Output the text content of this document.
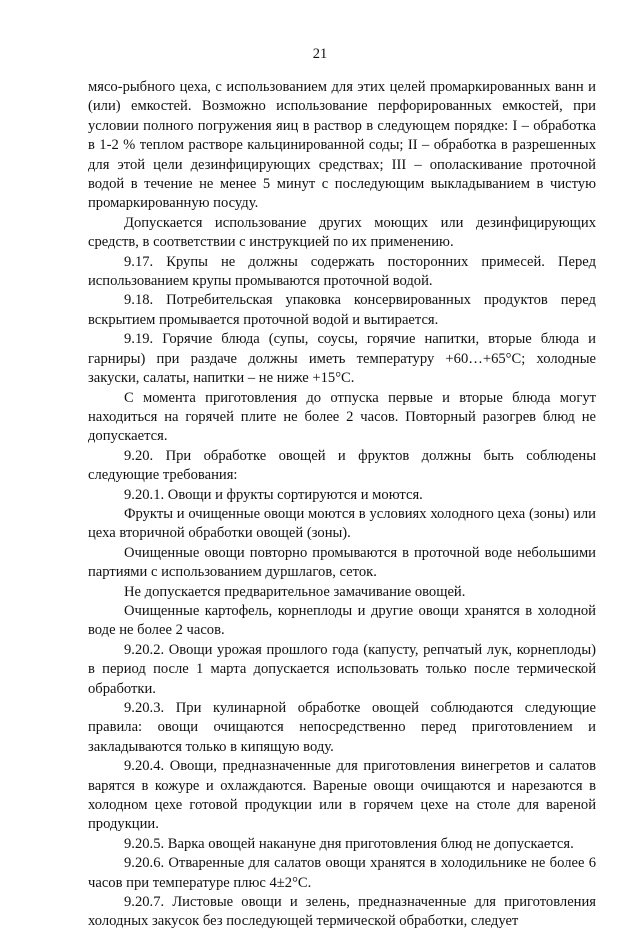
21

мясо-рыбного цеха, с использованием для этих целей промаркированных ванн и (или) емкостей. Возможно использование перфорированных емкостей, при условии полного погружения яиц в раствор в следующем порядке: I – обработка в 1-2 % теплом растворе кальцинированной соды; II – обработка в разрешенных для этой цели дезинфицирующих средствах; III – ополаскивание проточной водой в течение не менее 5 минут с последующим выкладыванием в чистую промаркированную посуду.

Допускается использование других моющих или дезинфицирующих средств, в соответствии с инструкцией по их применению.

9.17. Крупы не должны содержать посторонних примесей. Перед использованием крупы промываются проточной водой.

9.18. Потребительская упаковка консервированных продуктов перед вскрытием промывается проточной водой и вытирается.

9.19. Горячие блюда (супы, соусы, горячие напитки, вторые блюда и гарниры) при раздаче должны иметь температуру +60…+65°С; холодные закуски, салаты, напитки – не ниже +15°С.

С момента приготовления до отпуска первые и вторые блюда могут находиться на горячей плите не более 2 часов. Повторный разогрев блюд не допускается.

9.20. При обработке овощей и фруктов должны быть соблюдены следующие требования:

9.20.1. Овощи и фрукты сортируются и моются.

Фрукты и очищенные овощи моются в условиях холодного цеха (зоны) или цеха вторичной обработки овощей (зоны).

Очищенные овощи повторно промываются в проточной воде небольшими партиями с использованием дуршлагов, сеток.

Не допускается предварительное замачивание овощей.

Очищенные картофель, корнеплоды и другие овощи хранятся в холодной воде не более 2 часов.

9.20.2. Овощи урожая прошлого года (капусту, репчатый лук, корнеплоды) в период после 1 марта допускается использовать только после термической обработки.

9.20.3. При кулинарной обработке овощей соблюдаются следующие правила: овощи очищаются непосредственно перед приготовлением и закладываются только в кипящую воду.

9.20.4. Овощи, предназначенные для приготовления винегретов и салатов варятся в кожуре и охлаждаются. Вареные овощи очищаются и нарезаются в холодном цехе готовой продукции или в горячем цехе на столе для вареной продукции.

9.20.5. Варка овощей накануне дня приготовления блюд не допускается.

9.20.6. Отваренные для салатов овощи хранятся в холодильнике не более 6 часов при температуре плюс 4±2°С.

9.20.7. Листовые овощи и зелень, предназначенные для приготовления холодных закусок без последующей термической обработки, следует
